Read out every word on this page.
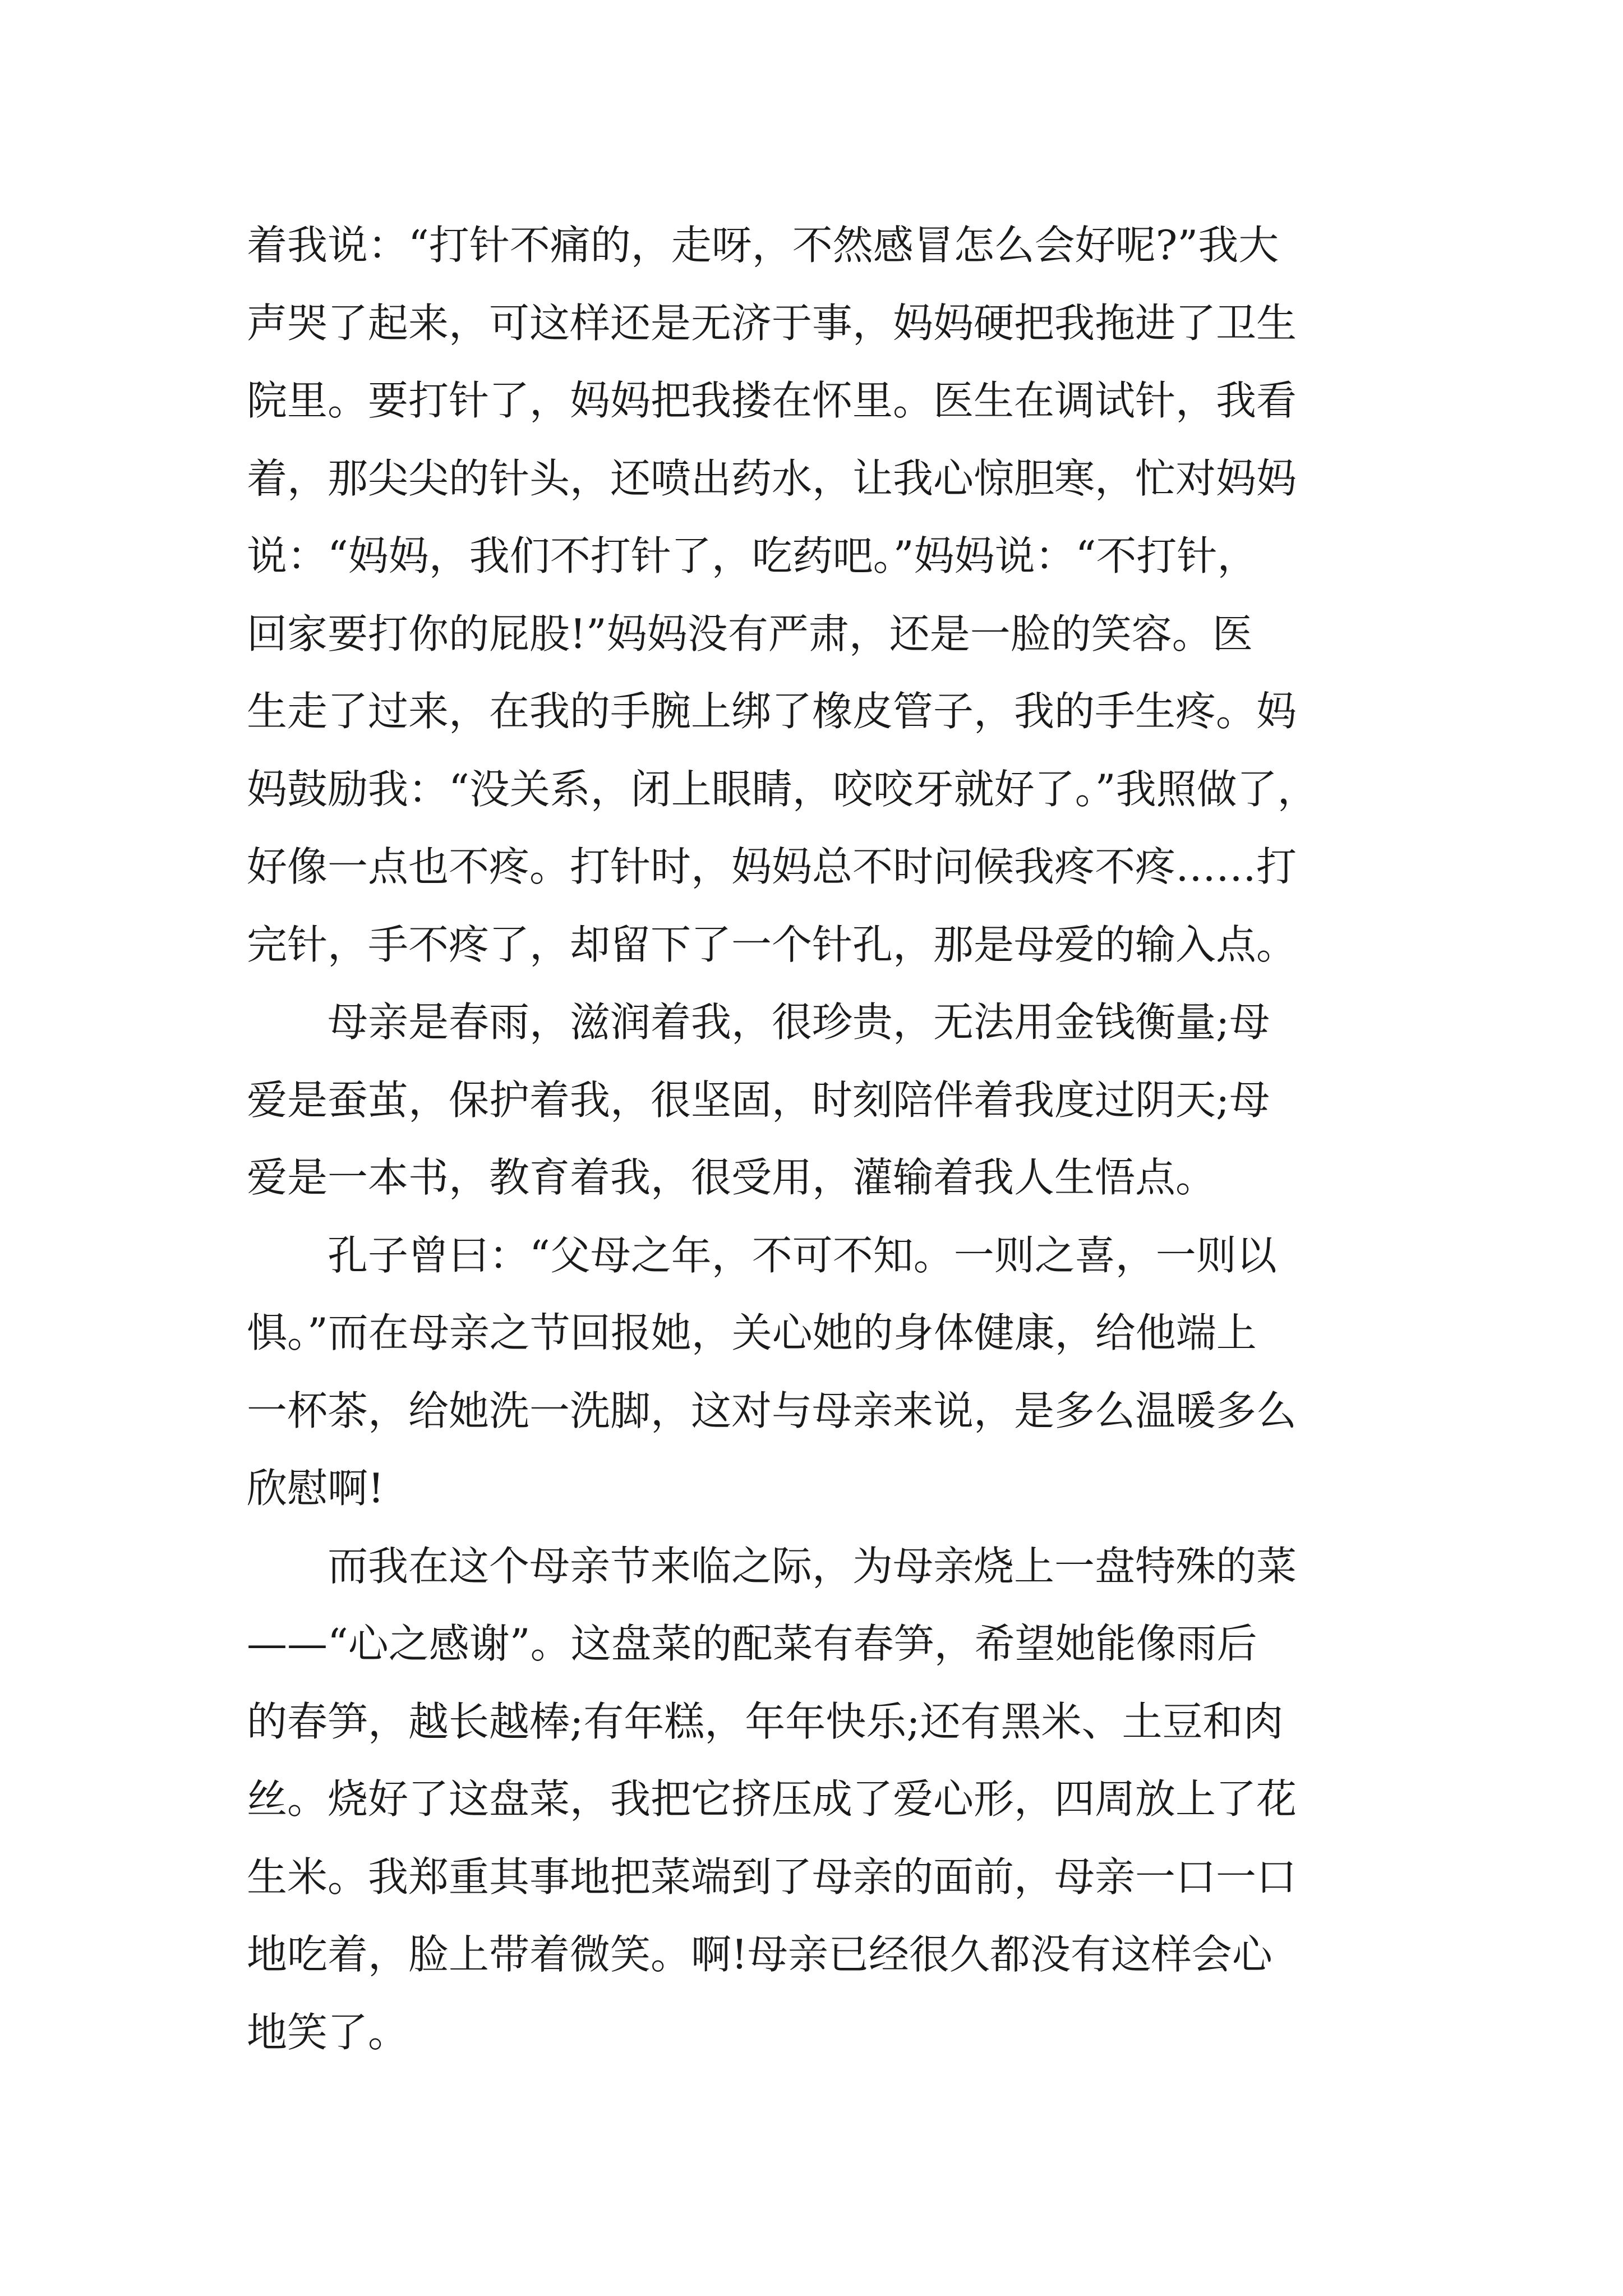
着我说：“打针不痛的，走呀，不然感冒怎么会好呢?”我大
声哭了起来，可这样还是无济于事，妈妈硬把我拖进了卫生
院里。要打针了，妈妈把我搂在怀里。医生在调试针，我看
着，那尖尖的针头，还喷出药水，让我心惊胆寒，忙对妈妈
说：“妈妈，我们不打针了，吃药吧。”妈妈说：“不打针，
回家要打你的屁股!”妈妈没有严肃，还是一脸的笑容。医
生走了过来，在我的手腕上绑了橡皮管子，我的手生疼。妈
妈鼓励我：“没关系，闭上眼睛，咬咬牙就好了。”我照做了，
好像一点也不疼。打针时，妈妈总不时问候我疼不疼……打
完针，手不疼了，却留下了一个针孔，那是母爱的输入点。
母亲是春雨，滋润着我，很珍贵，无法用金钱衡量;母
爱是蚕茧，保护着我，很坚固，时刻陪伴着我度过阴天;母
爱是一本书，教育着我，很受用，灌输着我人生悟点。
孔子曾曰：“父母之年，不可不知。一则之喜，一则以
惧。”而在母亲之节回报她，关心她的身体健康，给他端上
一杯茶，给她洗一洗脚，这对与母亲来说，是多么温暖多么
欣慰啊!
而我在这个母亲节来临之际，为母亲烧上一盘特殊的菜
——“心之感谢”。这盘菜的配菜有春笋，希望她能像雨后
的春笋，越长越棒;有年糕，年年快乐;还有黑米、土豆和肉
丝。烧好了这盘菜，我把它挤压成了爱心形，四周放上了花
生米。我郑重其事地把菜端到了母亲的面前，母亲一口一口
地吃着，脸上带着微笑。啊!母亲已经很久都没有这样会心
地笑了。
